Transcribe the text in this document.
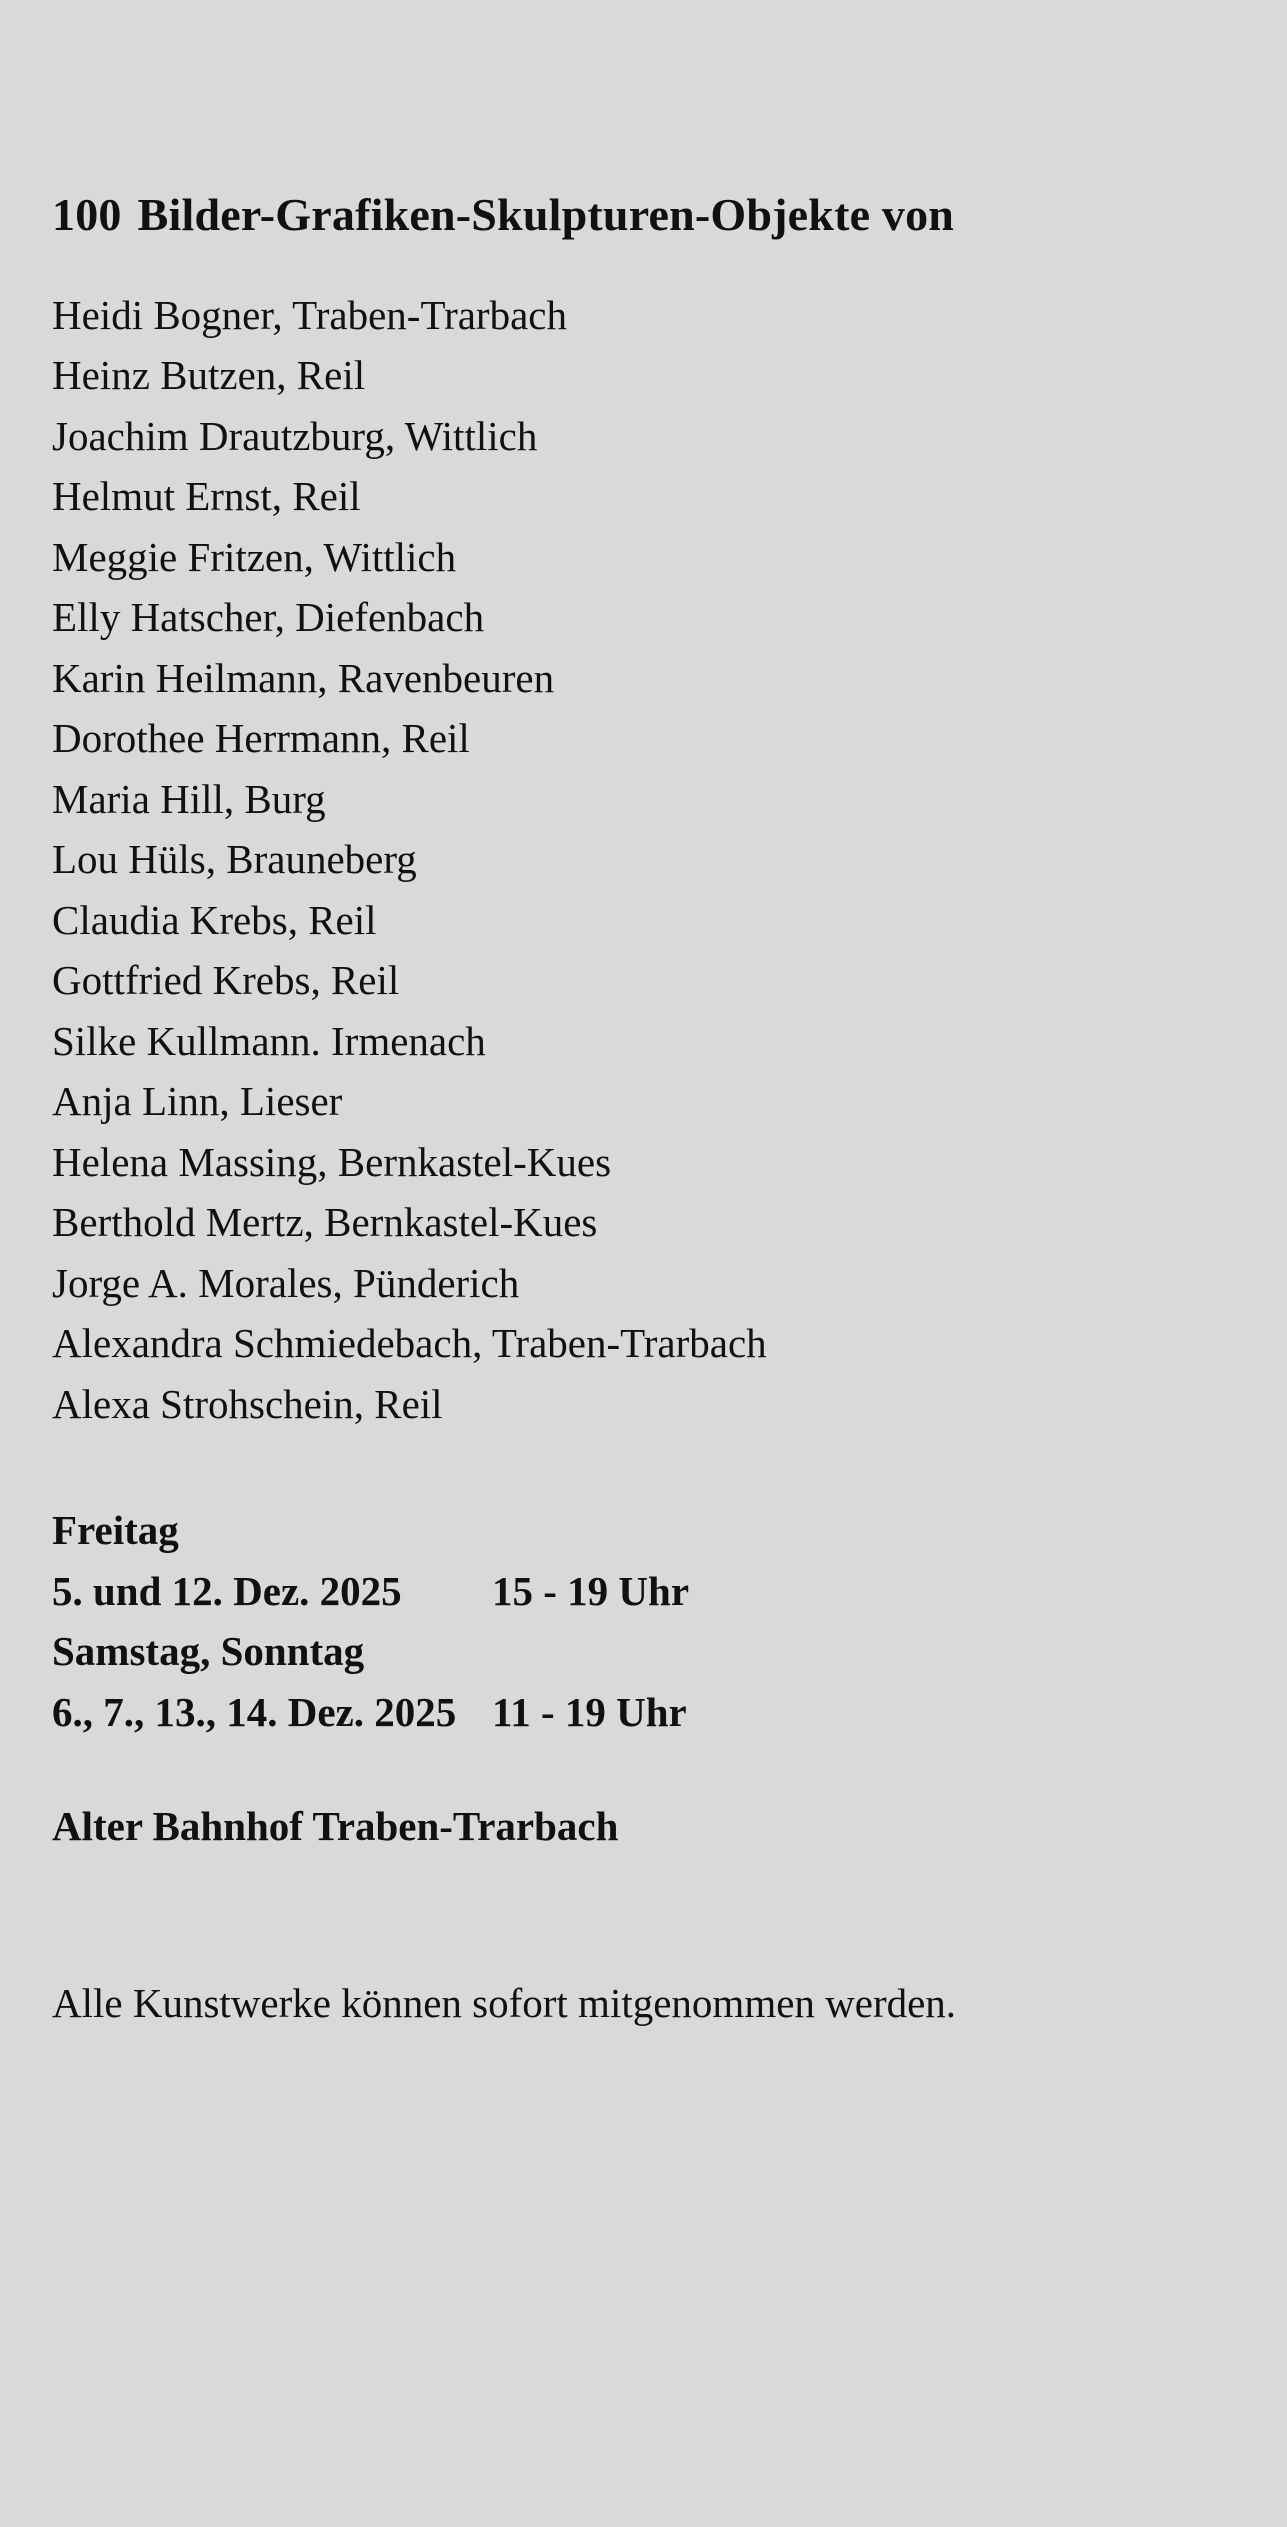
100 Bilder-Grafiken-Skulpturen-Objekte von
Heidi Bogner, Traben-Trarbach
Heinz Butzen, Reil
Joachim Drautzburg, Wittlich
Helmut Ernst, Reil
Meggie Fritzen, Wittlich
Elly Hatscher, Diefenbach
Karin Heilmann, Ravenbeuren
Dorothee Herrmann, Reil
Maria Hill, Burg
Lou Hüls, Brauneberg
Claudia Krebs, Reil
Gottfried Krebs, Reil
Silke Kullmann. Irmenach
Anja Linn, Lieser
Helena Massing, Bernkastel-Kues
Berthold Mertz, Bernkastel-Kues
Jorge A. Morales, Pünderich
Alexandra Schmiedebach, Traben-Trarbach
Alexa Strohschein, Reil
Freitag
5. und 12. Dez. 2025	15 - 19 Uhr
Samstag, Sonntag
6., 7., 13., 14. Dez. 2025 11 - 19 Uhr
Alter Bahnhof Traben-Trarbach
Alle Kunstwerke können sofort mitgenommen werden.
